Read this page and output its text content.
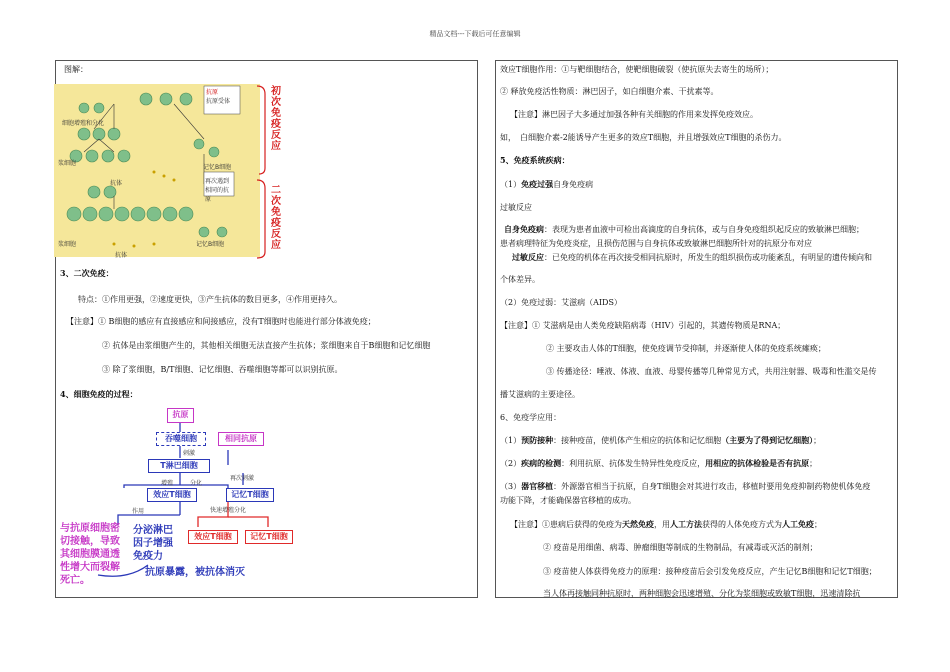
精品文档---下载后可任意编辑
图解：
抗原
抗原受体
细胞增殖和分化
浆细胞
记忆B细胞
抗体	再次遇到相同的抗原
浆细胞	记忆B细胞
抗体
初
次
免
疫
反
应
二
次
免
疫
反
应
3、二次免疫：
特点：①作用更强，②速度更快，③产生抗体的数目更多，④作用更持久。
【注意】① B细胞的感应有直接感应和间接感应，没有T细胞时也能进行部分体液免疫；
② 抗体是由浆细胞产生的，其他相关细胞无法直接产生抗体；浆细胞来自于B细胞和记忆细胞
③ 除了浆细胞，B/T细胞、记忆细胞、吞噬细胞等都可以识别抗原。
4、细胞免疫的过程：
抗原
吞噬细胞
刺激
T淋巴细胞
相同抗原
再次刺激
增殖	分化
效应T细胞	记忆T细胞
快速增殖分化
作用
效应T细胞	记忆T细胞
与抗原细胞密
切接触，导致
其细胞膜通透
性增大而裂解
死亡。
分泌淋巴
因子增强
免疫力
抗原暴露，被抗体消灭
效应T细胞作用：①与靶细胞结合，使靶细胞破裂（使抗原失去寄生的场所）；
② 释放免疫活性物质：淋巴因子，如白细胞介素、干扰素等。
【注意】淋巴因子大多通过加强各种有关细胞的作用来发挥免疫效应。
如，　白细胞介素-2能诱导产生更多的效应T细胞，并且增强效应T细胞的杀伤力。
5、免疫系统疾病：
（1）免疫过强自身免疫病
过敏反应
自身免疫病：表现为患者血液中可检出高滴度的自身抗体，或与自身免疫组织起反应的致敏淋巴细胞；
患者病理特征为免疫炎症，且损伤范围与自身抗体或致敏淋巴细胞所针对的抗原分布对应
过敏反应：已免疫的机体在再次接受相同抗原时，所发生的组织损伤或功能紊乱，有明显的遗传倾向和
个体差异。
（2）免疫过弱：艾滋病（AIDS）
【注意】① 艾滋病是由人类免疫缺陷病毒（HIV）引起的，其遗传物质是RNA；
② 主要攻击人体的T细胞，使免疫调节受抑制，并逐渐使人体的免疫系统瘫痪；
③ 传播途径：唾液、体液、血液、母婴传播等几种常见方式，共用注射器、吸毒和性滥交是传
播艾滋病的主要途径。
6、免疫学应用：
（1）预防接种：接种疫苗，使机体产生相应的抗体和记忆细胞（主要为了得到记忆细胞）；
（2）疾病的检测：利用抗原、抗体发生特异性免疫反应，用相应的抗体检验是否有抗原；
（3）器官移植：外源器官相当于抗原，自身T细胞会对其进行攻击，移植时要用免疫抑制药物使机体免疫
功能下降，才能确保器官移植的成功。
【注意】①患病后获得的免疫为天然免疫，用人工方法获得的人体免疫方式为人工免疫；
② 疫苗是用细菌、病毒、肿瘤细胞等制成的生物制品，有减毒或灭活的制剂；
③ 疫苗使人体获得免疫力的原理：接种疫苗后会引发免疫反应，产生记忆B细胞和记忆T细胞；
当人体再接触同种抗原时，两种细胞会迅速增殖、分化为浆细胞或致敏T细胞，迅速清除抗
